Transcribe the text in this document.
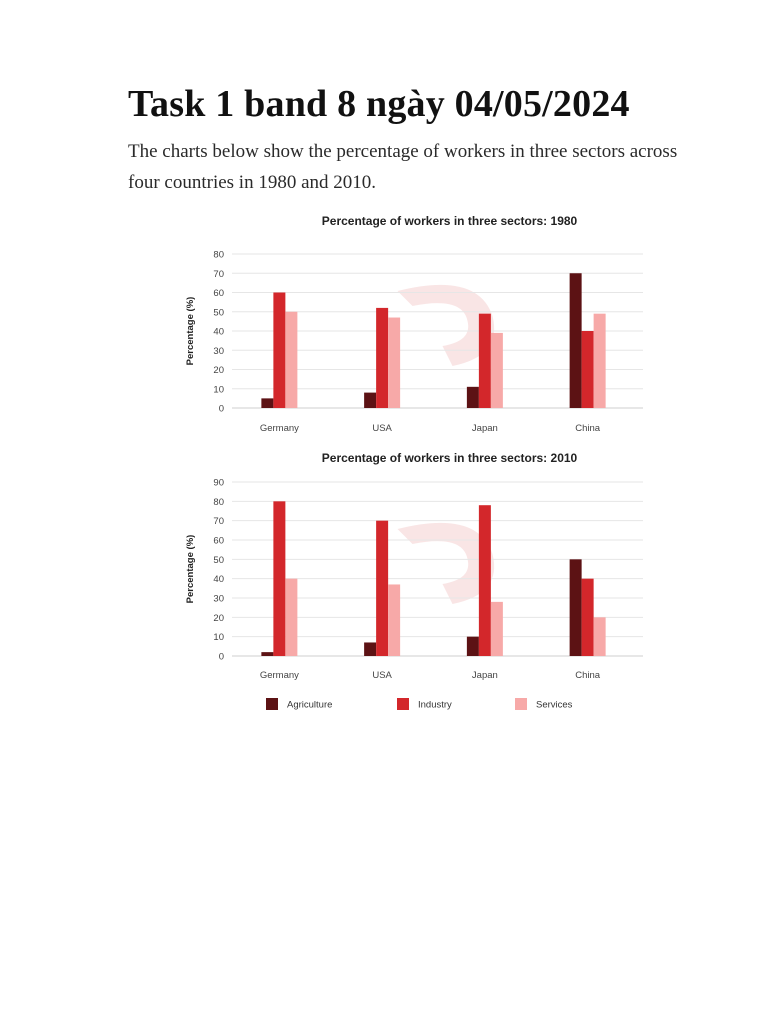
Task 1 band 8 ngày 04/05/2024

The charts below show the percentage of workers in three sectors across four countries in 1980 and 2010.

Percentage of workers in three sectors: 1980
0
10
20
30
40
50
60
70
80
Percentage (%)
Germany	USA	Japan	China
Percentage of workers in three sectors: 2010
0
10
20
30
40
50
60
70
80
90
Percentage (%)
Germany	USA	Japan	China
Agriculture	Industry	Services
